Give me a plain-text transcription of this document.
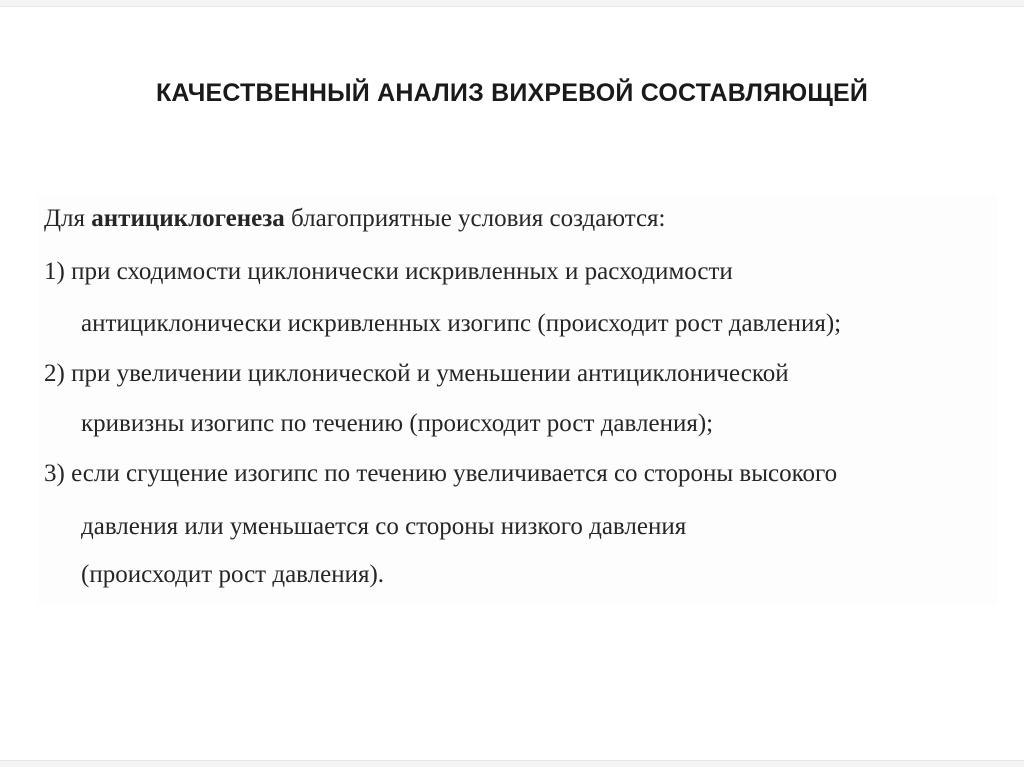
КАЧЕСТВЕННЫЙ АНАЛИЗ ВИХРЕВОЙ СОСТАВЛЯЮЩЕЙ
Для антициклогенеза благоприятные условия создаются:
1) при сходимости циклонически искривленных и расходимости
антициклонически искривленных изогипс (происходит рост давления);
2) при увеличении циклонической и уменьшении антициклонической
кривизны изогипс по течению (происходит рост давления);
3) если сгущение изогипс по течению увеличивается со стороны высокого
давления или уменьшается со стороны низкого давления
(происходит рост давления).
